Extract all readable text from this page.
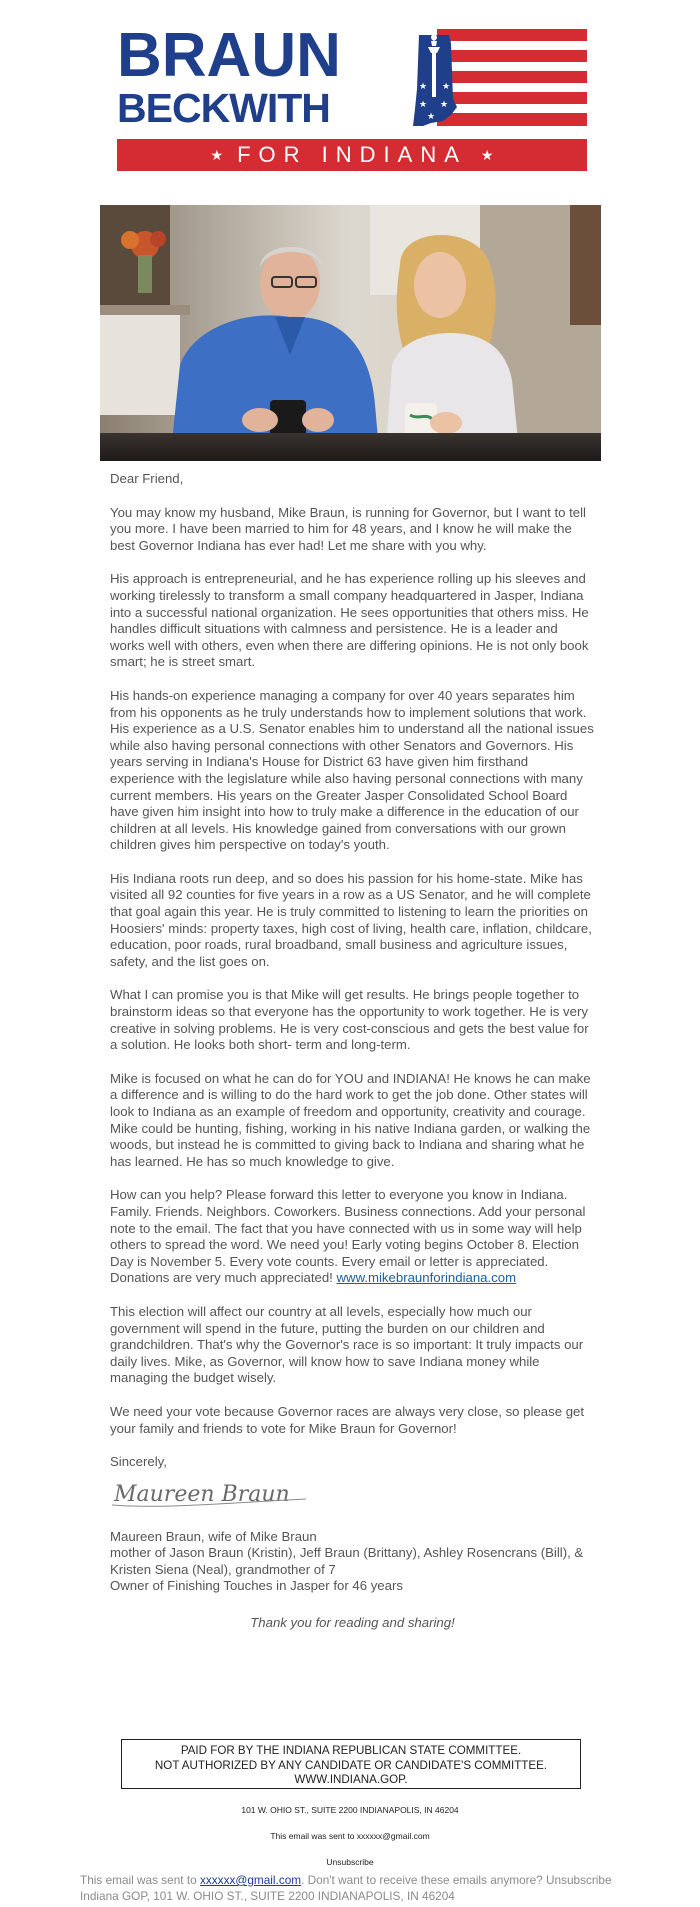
BRAUN
BECKWITH	★ ★
★ ★
★
★ FOR INDIANA ★

Dear Friend,

You may know my husband, Mike Braun, is running for Governor, but I want to tell you more. I have been married to him for 48 years, and I know he will make the best Governor Indiana has ever had! Let me share with you why.

His approach is entrepreneurial, and he has experience rolling up his sleeves and working tirelessly to transform a small company headquartered in Jasper, Indiana into a successful national organization. He sees opportunities that others miss. He handles difficult situations with calmness and persistence. He is a leader and works well with others, even when there are differing opinions. He is not only book smart; he is street smart.

His hands-on experience managing a company for over 40 years separates him from his opponents as he truly understands how to implement solutions that work. His experience as a U.S. Senator enables him to understand all the national issues while also having personal connections with other Senators and Governors. His years serving in Indiana's House for District 63 have given him firsthand experience with the legislature while also having personal connections with many current members. His years on the Greater Jasper Consolidated School Board have given him insight into how to truly make a difference in the education of our children at all levels. His knowledge gained from conversations with our grown children gives him perspective on today's youth.

His Indiana roots run deep, and so does his passion for his home-state. Mike has visited all 92 counties for five years in a row as a US Senator, and he will complete that goal again this year. He is truly committed to listening to learn the priorities on Hoosiers' minds: property taxes, high cost of living, health care, inflation, childcare, education, poor roads, rural broadband, small business and agriculture issues, safety, and the list goes on.

What I can promise you is that Mike will get results. He brings people together to brainstorm ideas so that everyone has the opportunity to work together. He is very creative in solving problems. He is very cost-conscious and gets the best value for a solution. He looks both short- term and long-term.

Mike is focused on what he can do for YOU and INDIANA! He knows he can make a difference and is willing to do the hard work to get the job done. Other states will look to Indiana as an example of freedom and opportunity, creativity and courage. Mike could be hunting, fishing, working in his native Indiana garden, or walking the woods, but instead he is committed to giving back to Indiana and sharing what he has learned. He has so much knowledge to give.

How can you help? Please forward this letter to everyone you know in Indiana. Family. Friends. Neighbors. Coworkers. Business connections. Add your personal note to the email. The fact that you have connected with us in some way will help others to spread the word. We need you! Early voting begins October 8. Election Day is November 5. Every vote counts. Every email or letter is appreciated. Donations are very much appreciated! www.mikebraunforindiana.com

This election will affect our country at all levels, especially how much our government will spend in the future, putting the burden on our children and grandchildren. That's why the Governor's race is so important: It truly impacts our daily lives. Mike, as Governor, will know how to save Indiana money while managing the budget wisely.

We need your vote because Governor races are always very close, so please get your family and friends to vote for Mike Braun for Governor!

Sincerely,

Maureen Braun

Maureen Braun, wife of Mike Braun
mother of Jason Braun (Kristin), Jeff Braun (Brittany), Ashley Rosencrans (Bill), & Kristen Siena (Neal), grandmother of 7
Owner of Finishing Touches in Jasper for 46 years

Thank you for reading and sharing!

PAID FOR BY THE INDIANA REPUBLICAN STATE COMMITTEE.
NOT AUTHORIZED BY ANY CANDIDATE OR CANDIDATE'S COMMITTEE.
WWW.INDIANA.GOP.
101 W. OHIO ST., SUITE 2200 INDIANAPOLIS, IN 46204
This email was sent to xxxxxx@gmail.com
Unsubscribe
This email was sent to xxxxxx@gmail.com. Don't want to receive these emails anymore? Unsubscribe
Indiana GOP, 101 W. OHIO ST., SUITE 2200 INDIANAPOLIS, IN 46204
